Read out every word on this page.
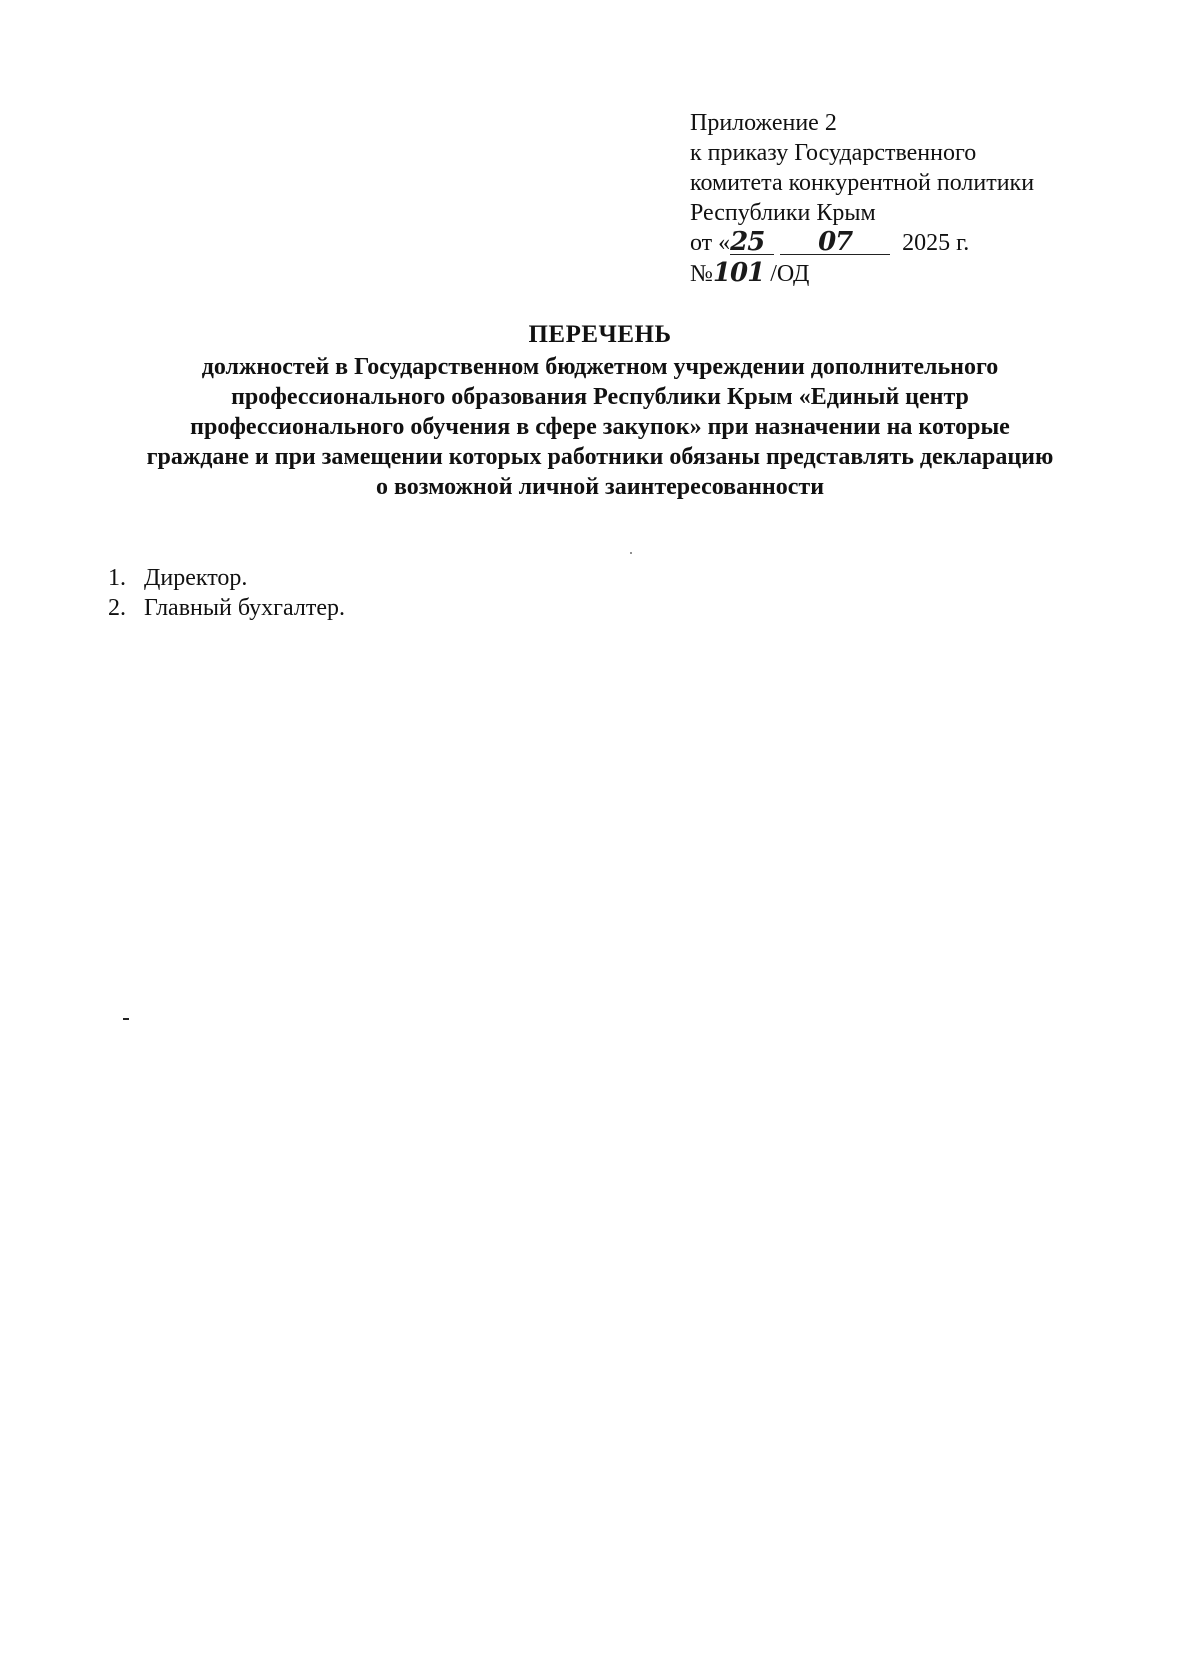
Приложение 2
к приказу Государственного
комитета конкурентной политики
Республики Крым
от «25 07 2025 г.
№101 /ОД
ПЕРЕЧЕНЬ
должностей в Государственном бюджетном учреждении дополнительного
профессионального образования Республики Крым «Единый центр
профессионального обучения в сфере закупок» при назначении на которые
граждане и при замещении которых работники обязаны представлять декларацию
о возможной личной заинтересованности
1. Директор.
2. Главный бухгалтер.
